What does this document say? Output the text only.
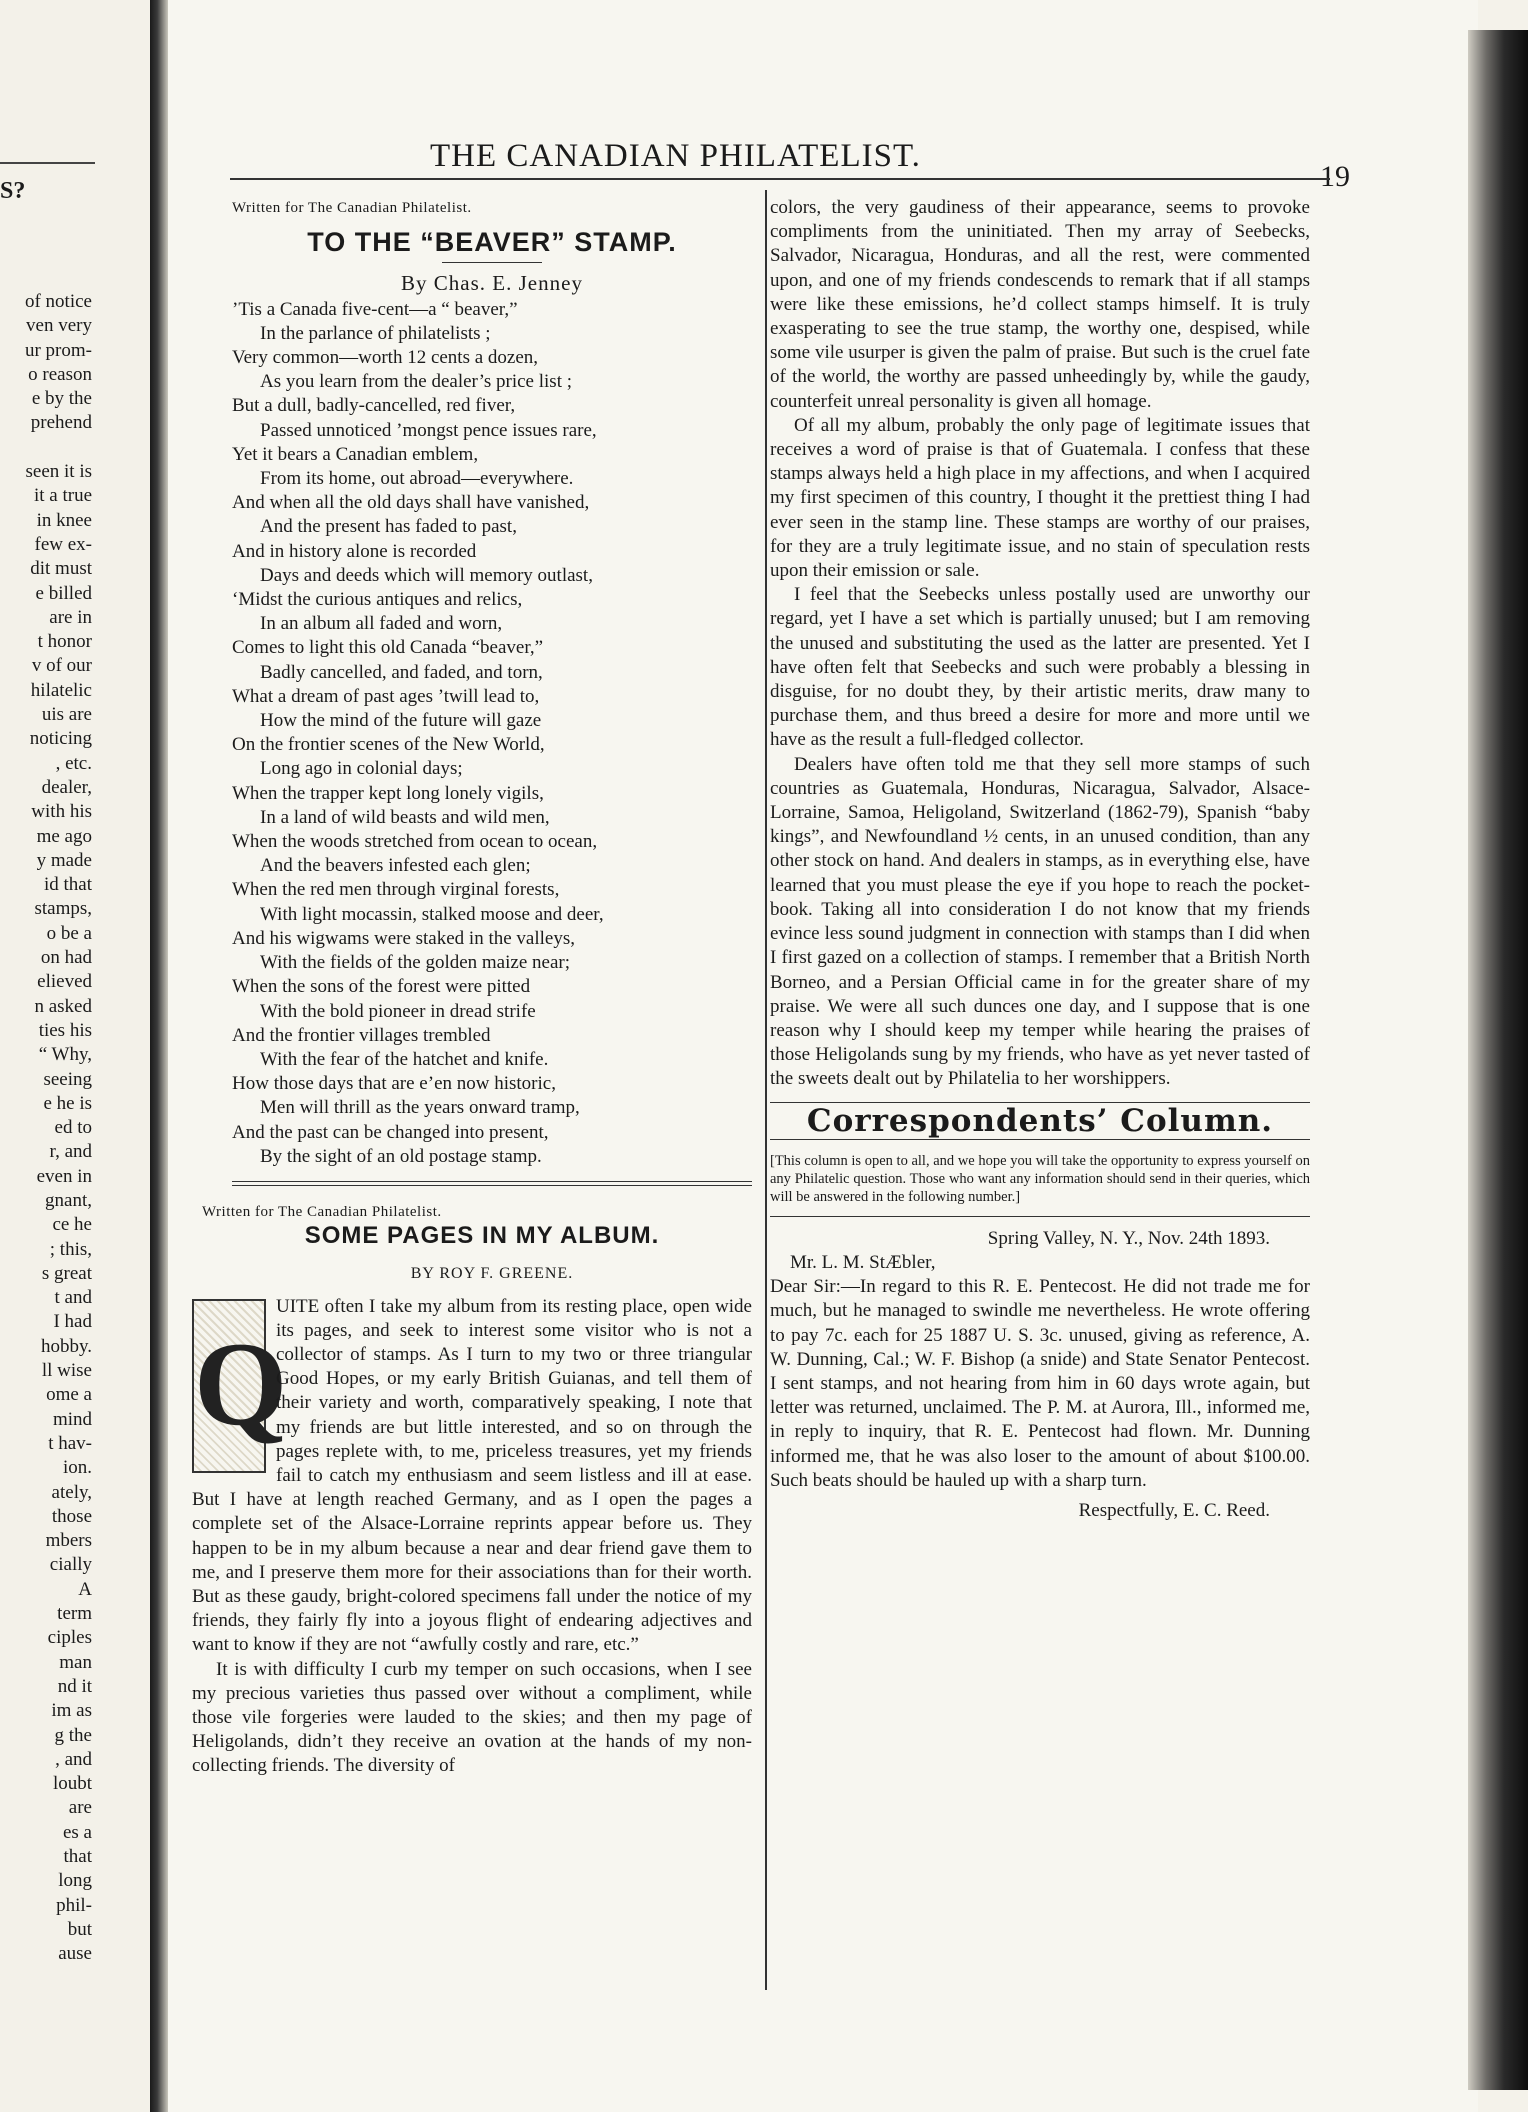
S?
of notice
ven very
ur prom-
o reason
e by the
prehend
seen it is
it a true
in knee
few ex-
dit must
e billed
are in
t honor
v of our
hilatelic
uis are
noticing
, etc.
dealer,
with his
me ago
y made
id that
stamps,
o be a
on had
elieved
n asked
ties his
“ Why,
seeing
e he is
ed to
r, and
even in
gnant,
ce he
; this,
s great
t and
I had
hobby.
ll wise
ome a
mind
t hav-
ion.
ately,
those
mbers
cially
A
term
ciples
man
nd it
im as
g the
, and
loubt
are
es a
that
long
phil-
but
ause
THE CANADIAN PHILATELIST.
19
Written for The Canadian Philatelist.
TO THE “BEAVER” STAMP.
By Chas. E. Jenney
’Tis a Canada five-cent—a “ beaver,”
In the parlance of philatelists ;
Very common—worth 12 cents a dozen,
As you learn from the dealer’s price list ;
But a dull, badly-cancelled, red fiver,
Passed unnoticed ’mongst pence issues rare,
Yet it bears a Canadian emblem,
From its home, out abroad—everywhere.
And when all the old days shall have vanished,
And the present has faded to past,
And in history alone is recorded
Days and deeds which will memory outlast,
‘Midst the curious antiques and relics,
In an album all faded and worn,
Comes to light this old Canada “beaver,”
Badly cancelled, and faded, and torn,
What a dream of past ages ’twill lead to,
How the mind of the future will gaze
On the frontier scenes of the New World,
Long ago in colonial days;
When the trapper kept long lonely vigils,
In a land of wild beasts and wild men,
When the woods stretched from ocean to ocean,
And the beavers infested each glen;
When the red men through virginal forests,
With light mocassin, stalked moose and deer,
And his wigwams were staked in the valleys,
With the fields of the golden maize near;
When the sons of the forest were pitted
With the bold pioneer in dread strife
And the frontier villages trembled
With the fear of the hatchet and knife.
How those days that are e’en now historic,
Men will thrill as the years onward tramp,
And the past can be changed into present,
By the sight of an old postage stamp.
Written for The Canadian Philatelist.
SOME PAGES IN MY ALBUM.
BY ROY F. GREENE.
Q
UITE often I take my album from its resting place, open wide its pages, and seek to interest some visitor who is not a collector of stamps. As I turn to my two or three triangular Good Hopes, or my early British Guianas, and tell them of their variety and worth, comparatively speaking, I note that my friends are but little interested, and so on through the pages replete with, to me, priceless treasures, yet my friends fail to catch my enthusiasm and seem listless and ill at ease. But I have at length reached Germany, and as I open the pages a complete set of the Alsace-Lorraine reprints appear before us. They happen to be in my album because a near and dear friend gave them to me, and I preserve them more for their associations than for their worth. But as these gaudy, bright-colored specimens fall under the notice of my friends, they fairly fly into a joyous flight of endearing adjectives and want to know if they are not “awfully costly and rare, etc.”
It is with difficulty I curb my temper on such occasions, when I see my precious varieties thus passed over without a compliment, while those vile forgeries were lauded to the skies; and then my page of Heligolands, didn’t they receive an ovation at the hands of my non-collecting friends. The diversity of
colors, the very gaudiness of their appearance, seems to provoke compliments from the uninitiated. Then my array of Seebecks, Salvador, Nicaragua, Honduras, and all the rest, were commented upon, and one of my friends condescends to remark that if all stamps were like these emissions, he’d collect stamps himself. It is truly exasperating to see the true stamp, the worthy one, despised, while some vile usurper is given the palm of praise. But such is the cruel fate of the world, the worthy are passed unheedingly by, while the gaudy, counterfeit unreal personality is given all homage.
Of all my album, probably the only page of legitimate issues that receives a word of praise is that of Guatemala. I confess that these stamps always held a high place in my affections, and when I acquired my first specimen of this country, I thought it the prettiest thing I had ever seen in the stamp line. These stamps are worthy of our praises, for they are a truly legitimate issue, and no stain of speculation rests upon their emission or sale.
I feel that the Seebecks unless postally used are unworthy our regard, yet I have a set which is partially unused; but I am removing the unused and substituting the used as the latter are presented. Yet I have often felt that Seebecks and such were probably a blessing in disguise, for no doubt they, by their artistic merits, draw many to purchase them, and thus breed a desire for more and more until we have as the result a full-fledged collector.
Dealers have often told me that they sell more stamps of such countries as Guatemala, Honduras, Nicaragua, Salvador, Alsace-Lorraine, Samoa, Heligoland, Switzerland (1862-79), Spanish “baby kings”, and Newfoundland ½ cents, in an unused condition, than any other stock on hand. And dealers in stamps, as in everything else, have learned that you must please the eye if you hope to reach the pocket-book. Taking all into consideration I do not know that my friends evince less sound judgment in connection with stamps than I did when I first gazed on a collection of stamps. I remember that a British North Borneo, and a Persian Official came in for the greater share of my praise. We were all such dunces one day, and I suppose that is one reason why I should keep my temper while hearing the praises of those Heligolands sung by my friends, who have as yet never tasted of the sweets dealt out by Philatelia to her worshippers.
Correspondents’ Column.
[This column is open to all, and we hope you will take the opportunity to express yourself on any Philatelic question. Those who want any information should send in their queries, which will be answered in the following number.]
Spring Valley, N. Y., Nov. 24th 1893.
Mr. L. M. StÆbler,
Dear Sir:—In regard to this R. E. Pentecost. He did not trade me for much, but he managed to swindle me nevertheless. He wrote offering to pay 7c. each for 25 1887 U. S. 3c. unused, giving as reference, A. W. Dunning, Cal.; W. F. Bishop (a snide) and State Senator Pentecost. I sent stamps, and not hearing from him in 60 days wrote again, but letter was returned, unclaimed. The P. M. at Aurora, Ill., informed me, in reply to inquiry, that R. E. Pentecost had flown. Mr. Dunning informed me, that he was also loser to the amount of about $100.00. Such beats should be hauled up with a sharp turn.
Respectfully, E. C. Reed.
